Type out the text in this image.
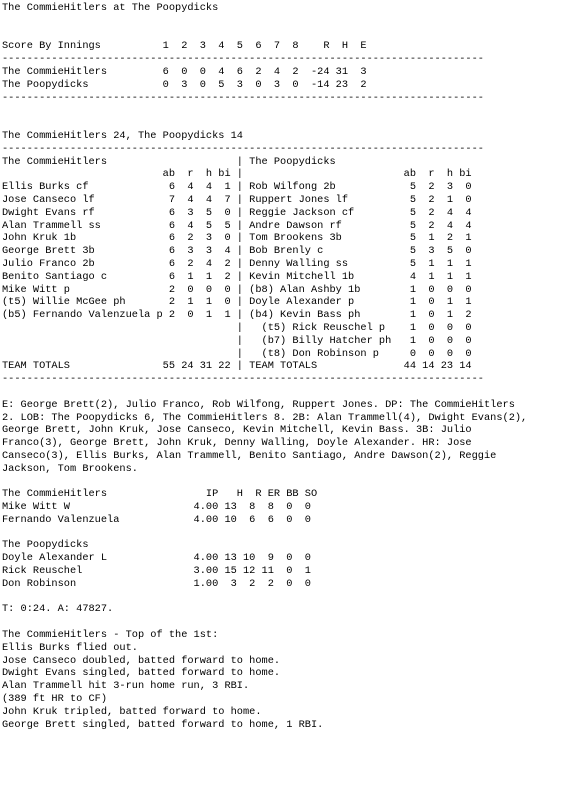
The CommieHitlers at The Poopydicks
Score By Innings          1  2  3  4  5  6  7  8    R  H  E
------------------------------------------------------------------------------
The CommieHitlers         6  0  0  4  6  2  4  2  -24 31  3
The Poopydicks            0  3  0  5  3  0  3  0  -14 23  2
------------------------------------------------------------------------------
The CommieHitlers 24, The Poopydicks 14
------------------------------------------------------------------------------
The CommieHitlers                     | The Poopydicks
ab  r  h bi |                          ab  r  h bi
Ellis Burks cf             6  4  4  1 | Rob Wilfong 2b            5  2  3  0
Jose Canseco lf            7  4  4  7 | Ruppert Jones lf          5  2  1  0
Dwight Evans rf            6  3  5  0 | Reggie Jackson cf         5  2  4  4
Alan Trammell ss           6  4  5  5 | Andre Dawson rf           5  2  4  4
John Kruk 1b               6  2  3  0 | Tom Brookens 3b           5  1  2  1
George Brett 3b            6  3  3  4 | Bob Brenly c              5  3  5  0
Julio Franco 2b            6  2  4  2 | Denny Walling ss          5  1  1  1
Benito Santiago c          6  1  1  2 | Kevin Mitchell 1b         4  1  1  1
Mike Witt p                2  0  0  0 | (b8) Alan Ashby 1b        1  0  0  0
(t5) Willie McGee ph       2  1  1  0 | Doyle Alexander p         1  0  1  1
(b5) Fernando Valenzuela p 2  0  1  1 | (b4) Kevin Bass ph        1  0  1  2
|   (t5) Rick Reuschel p    1  0  0  0
|   (b7) Billy Hatcher ph   1  0  0  0
|   (t8) Don Robinson p     0  0  0  0
TEAM TOTALS               55 24 31 22 | TEAM TOTALS              44 14 23 14
------------------------------------------------------------------------------
E: George Brett(2), Julio Franco, Rob Wilfong, Ruppert Jones. DP: The CommieHitlers
2. LOB: The Poopydicks 6, The CommieHitlers 8. 2B: Alan Trammell(4), Dwight Evans(2),
George Brett, John Kruk, Jose Canseco, Kevin Mitchell, Kevin Bass. 3B: Julio
Franco(3), George Brett, John Kruk, Denny Walling, Doyle Alexander. HR: Jose
Canseco(3), Ellis Burks, Alan Trammell, Benito Santiago, Andre Dawson(2), Reggie
Jackson, Tom Brookens.
The CommieHitlers                IP   H  R ER BB SO
Mike Witt W                    4.00 13  8  8  0  0
Fernando Valenzuela            4.00 10  6  6  0  0
The Poopydicks
Doyle Alexander L              4.00 13 10  9  0  0
Rick Reuschel                  3.00 15 12 11  0  1
Don Robinson                   1.00  3  2  2  0  0
T: 0:24. A: 47827.
The CommieHitlers - Top of the 1st:
Ellis Burks flied out.
Jose Canseco doubled, batted forward to home.
Dwight Evans singled, batted forward to home.
Alan Trammell hit 3-run home run, 3 RBI.
(389 ft HR to CF)
John Kruk tripled, batted forward to home.
George Brett singled, batted forward to home, 1 RBI.
